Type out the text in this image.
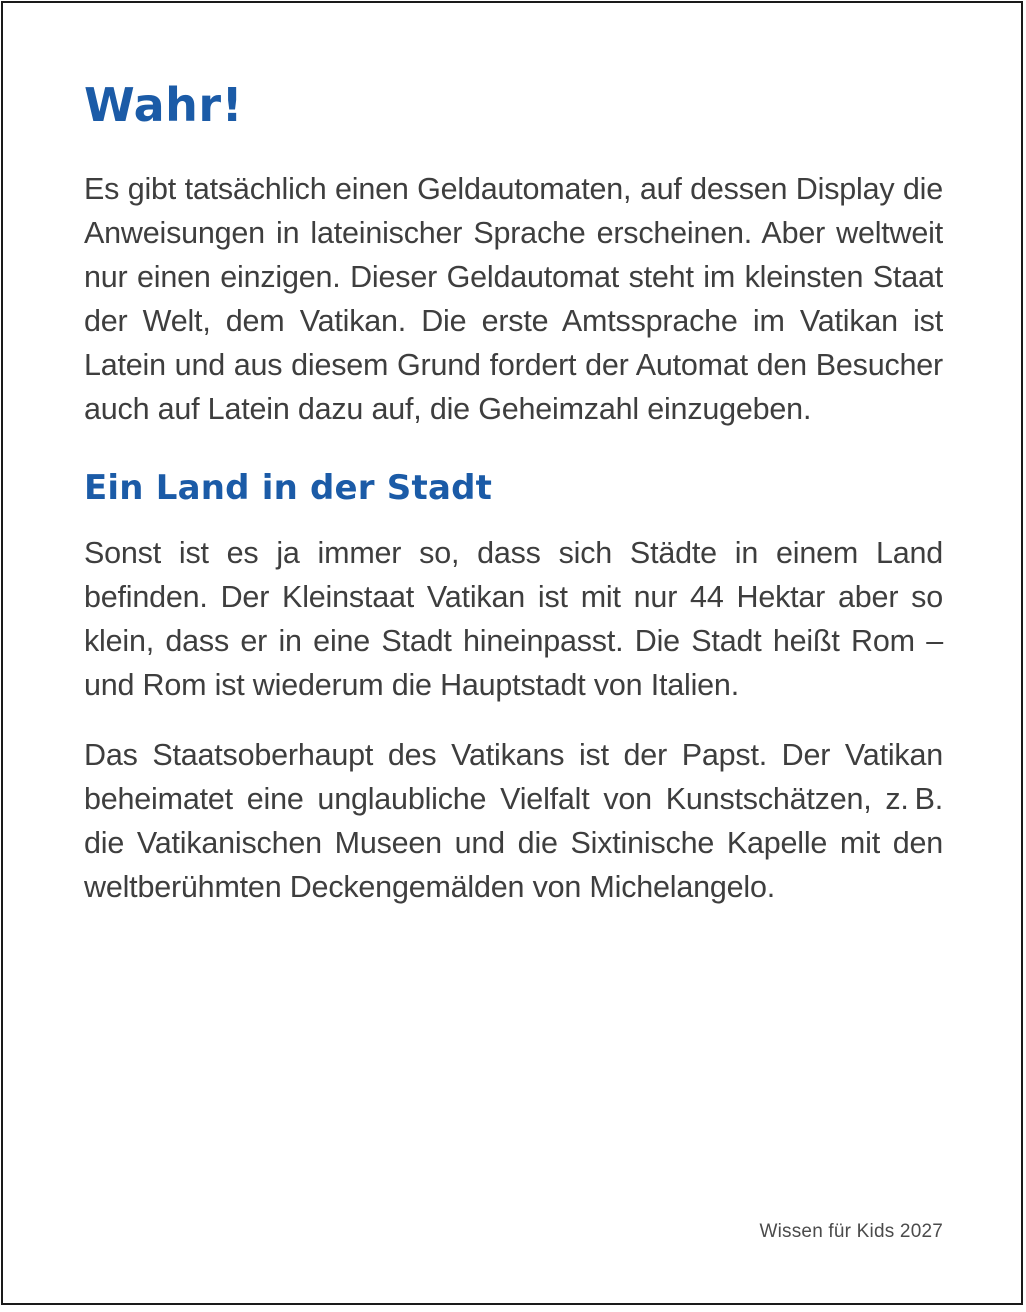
Wahr!

Es gibt tatsächlich einen Geldautomaten, auf dessen Display die Anweisungen in lateinischer Sprache erscheinen. Aber weltweit nur einen einzigen. Dieser Geldautomat steht im kleinsten Staat der Welt, dem Vatikan. Die erste Amtssprache im Vatikan ist Latein und aus diesem Grund fordert der Automat den Besucher auch auf Latein dazu auf, die Geheimzahl einzugeben.

Ein Land in der Stadt

Sonst ist es ja immer so, dass sich Städte in einem Land befinden. Der Kleinstaat Vatikan ist mit nur 44 Hektar aber so klein, dass er in eine Stadt hineinpasst. Die Stadt heißt Rom – und Rom ist wiederum die Hauptstadt von Italien.

Das Staatsoberhaupt des Vatikans ist der Papst. Der Vatikan beheimatet eine unglaubliche Vielfalt von Kunstschätzen, z. B. die Vatikanischen Museen und die Sixtinische Kapelle mit den weltberühmten Deckengemälden von Michelangelo.

Wissen für Kids 2027
